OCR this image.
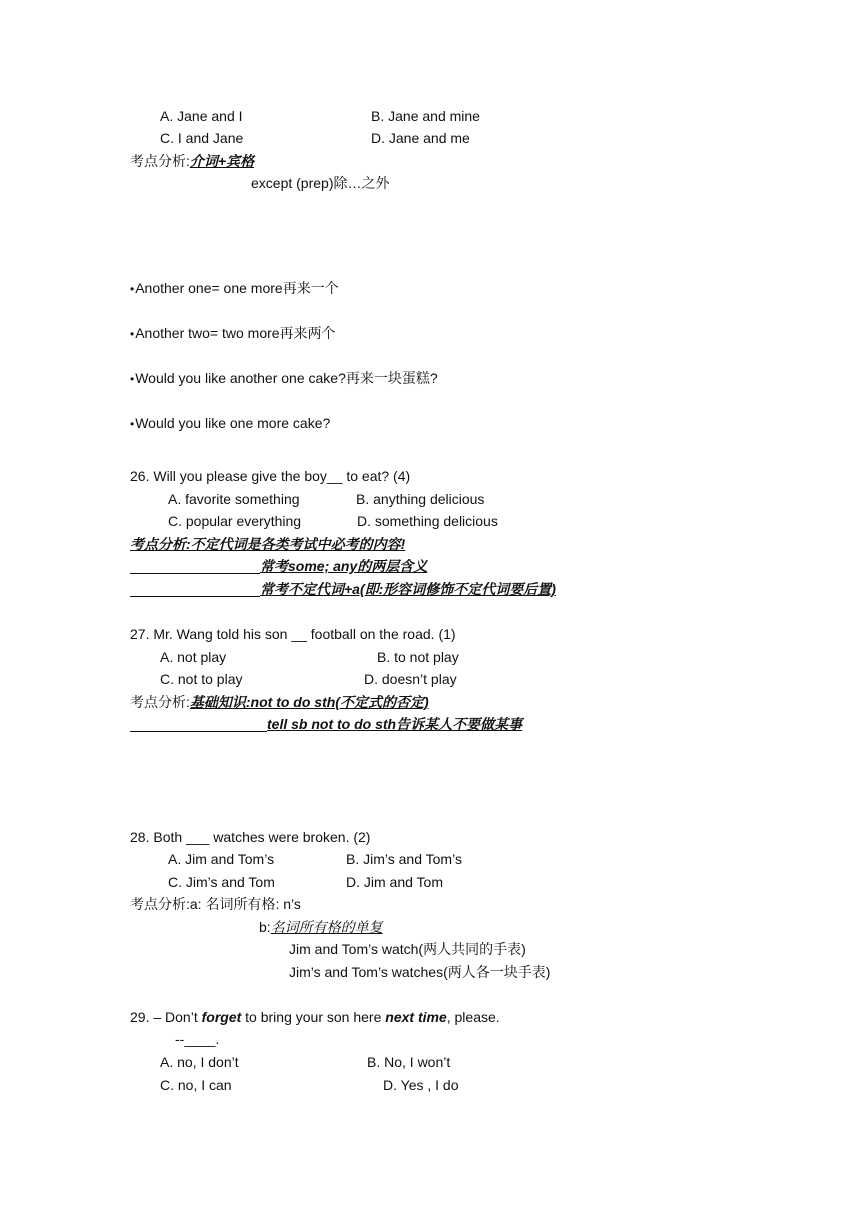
A. Jane and I	B. Jane and mine
C. I and Jane	D. Jane and me
考点分析:介词+宾格
except (prep)除…之外
•Another one= one more再来一个
•Another two= two more再来两个
•Would you like another one cake?再来一块蛋糕?
•Would you like one more cake?
26. Will you please give the boy__ to eat? (4)
A. favorite something	B. anything delicious
C. popular everything	D. something delicious
考点分析:不定代词是各类考试中必考的内容!
常考some; any的两层含义
常考不定代词+a(即:形容词修饰不定代词要后置)
27. Mr. Wang told his son __ football on the road. (1)
A. not play	B. to not play
C. not to play	D. doesn’t play
考点分析:基础知识:not to do sth(不定式的否定)
tell sb not to do sth告诉某人不要做某事
28. Both ___ watches were broken. (2)
A. Jim and Tom’s	B. Jim’s and Tom’s
C. Jim’s and Tom	D. Jim and Tom
考点分析:a: 名词所有格: n’s
b:名词所有格的单复
Jim and Tom’s watch(两人共同的手表)
Jim’s and Tom’s watches(两人各一块手表)
29. – Don’t forget to bring your son here next time, please.
--____.
A. no, I don’t	B. No, I won’t
C. no, I can	D. Yes , I do
